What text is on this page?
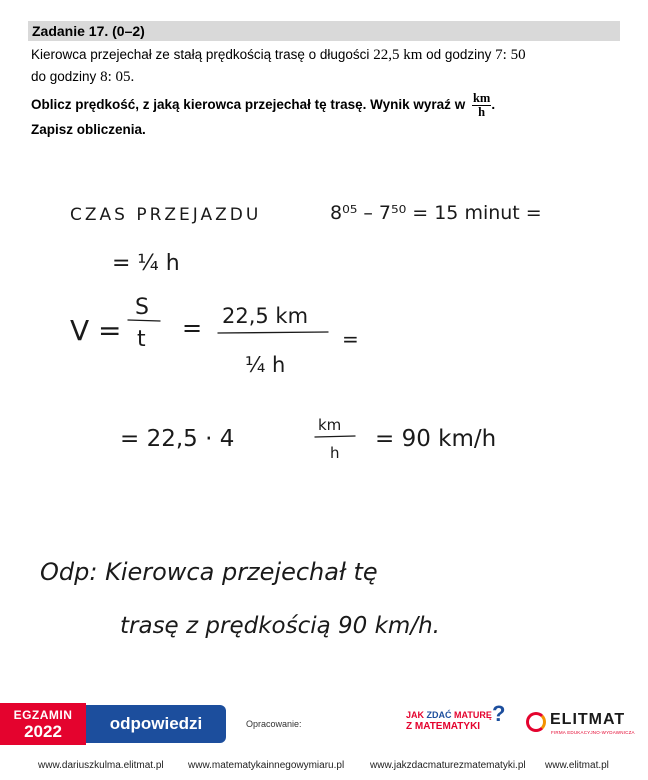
Zadanie 17. (0–2)
Kierowca przejechał ze stałą prędkością trasę o długości 22,5 km od godziny 7: 50
do godziny 8: 05.
Oblicz prędkość, z jaką kierowca przejechał tę trasę. Wynik wyraź w $\frac{km}{h}$ .
Zapisz obliczenia.
CZAS PRZEJAZDU	8⁰⁵ – 7⁵⁰ = 15 minut =
= ¼ h
V =
S
t = 22,5 km
¼ h
=
= 22,5 · 4
km
h
= 90 km/h
Odp: Kierowca przejechał tę
trasę z prędkością 90 km/h.
EGZAMIN
2022	odpowiedzi	Opracowanie:
JAK ZDAĆ MATURĘ
Z MATEMATYKI
?	ELITMAT
FIRMA EDUKACYJNO-WYDAWNICZA
www.dariuszkulma.elitmat.pl www.matematykainnegowymiaru.pl	www.jakzdacmaturezmatematyki.pl www.elitmat.pl
